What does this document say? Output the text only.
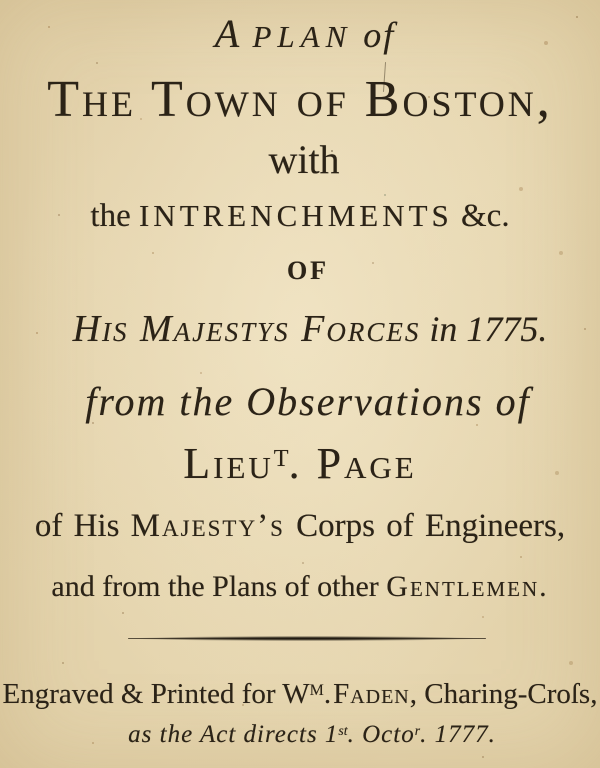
A PLAN of
The Town of Boston,
with
the INTRENCHMENTS &c.
OF
His Majestys Forces in 1775.
from the Observations of
Lieu$^T$. Page
of His Majesty’s Corps of Engineers,
and from the Plans of other Gentlemen.
Engraved & Printed for $W^M.Faden$, Charing-Croſs,
as the Act directs 1st. Octo$^r$. 1777.
